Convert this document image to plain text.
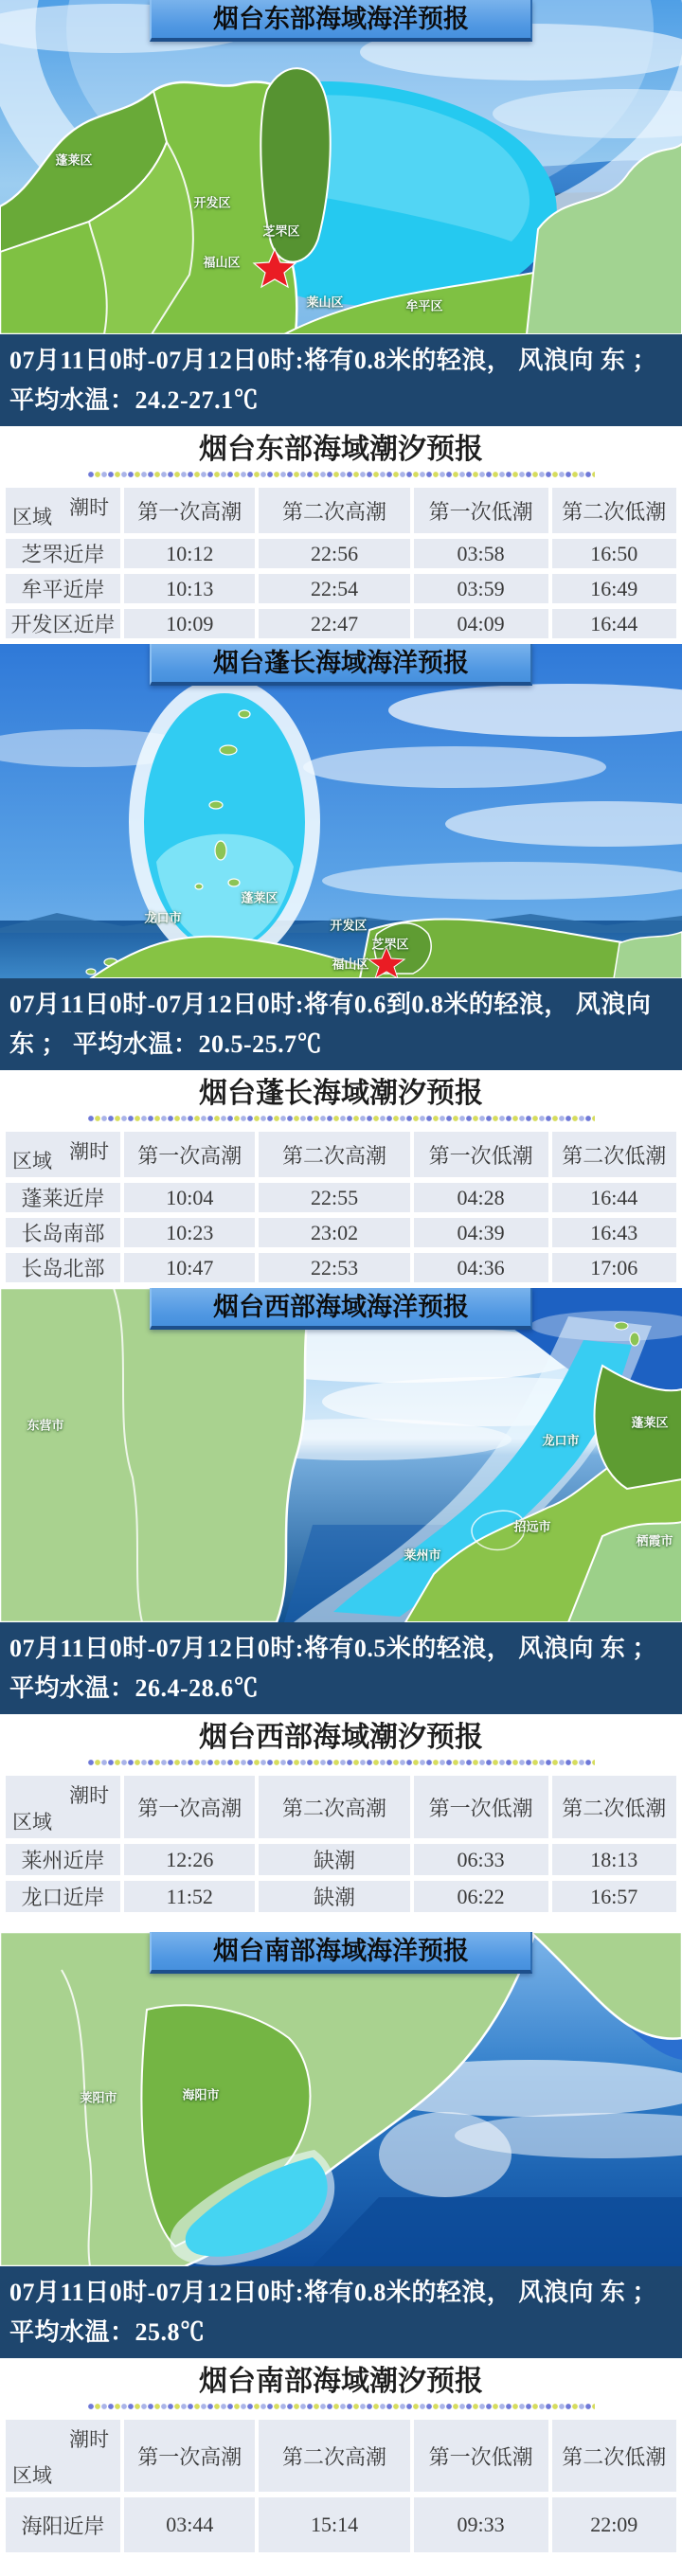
蓬莱区
开发区
芝罘区
福山区
莱山区	牟平区
烟台东部海域海洋预报
07月11日0时-07月12日0时:将有0.8米的轻浪， 风浪向 东 ； 平均水温：24.2-27.1℃
烟台东部海域潮汐预报
潮时
区域	第一次高潮	第二次高潮	第一次低潮	第二次低潮
芝罘近岸	10:12	22:56	03:58	16:50
牟平近岸	10:13	22:54	03:59	16:49
开发区近岸	10:09	22:47	04:09	16:44
龙口市
蓬莱区
开发区
芝罘区
福山区
烟台蓬长海域海洋预报
07月11日0时-07月12日0时:将有0.6到0.8米的轻浪， 风浪向 东 ； 平均水温：20.5-25.7℃
烟台蓬长海域潮汐预报
潮时
区域	第一次高潮	第二次高潮	第一次低潮	第二次低潮
蓬莱近岸	10:04	22:55	04:28	16:44
长岛南部	10:23	23:02	04:39	16:43
长岛北部	10:47	22:53	04:36	17:06
东营市
龙口市
蓬莱区
招远市
栖霞市
莱州市
烟台西部海域海洋预报
07月11日0时-07月12日0时:将有0.5米的轻浪， 风浪向 东 ； 平均水温：26.4-28.6℃
烟台西部海域潮汐预报
潮时
区域	第一次高潮	第二次高潮	第一次低潮	第二次低潮
莱州近岸	12:26	缺潮	06:33	18:13
龙口近岸	11:52	缺潮	06:22	16:57
莱阳市	海阳市
烟台南部海域海洋预报
07月11日0时-07月12日0时:将有0.8米的轻浪， 风浪向 东 ； 平均水温：25.8℃
烟台南部海域潮汐预报
潮时
区域	第一次高潮	第二次高潮	第一次低潮	第二次低潮
海阳近岸	03:44	15:14	09:33	22:09
